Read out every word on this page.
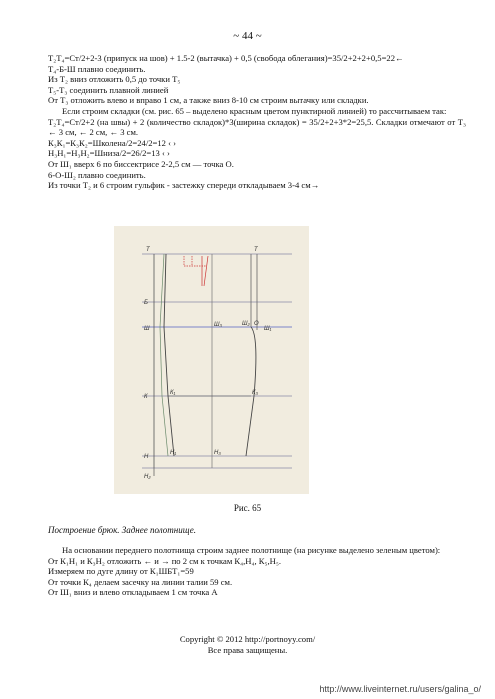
~ 44 ~

Т₂Т₄=Ст/2+2-3 (припуск на шов) + 1.5-2 (вытачка) + 0,5 (свобода облегания)=35/2+2+2+0,5=22←

Т₄-Б-Ш плавно соединить.

Из Т₂ вниз отложить 0,5 до точки Т₅

Т₅-Т₃ соединить плавной линией

От Т₃ отложить влево и вправо 1 см, а также вниз 8-10 см строим вытачку или складки.

Если строим складки (см. рис. 65 – выделено красным цветом пунктирной линией) то рассчитываем так:

Т₂Т₄=Ст/2+2 (на швы) + 2 (количество складок)*3(ширина складок) = 35/2+2+3*2=25,5. Складки отмечают от Т₃ ← 3 см, ← 2 см, ← 3 см.

К₃К₁=К₃К₂=Школена/2=24/2=12 ‹ ›

Н₃Н₁=Н₃Н₂=Шниза/2=26/2=13 ‹ ›

От Ш₁ вверх 6 по биссектрисе 2-2,5 см — точка О.

6-О-Ш₂ плавно соединить.

Из точки Т₂ и 6 строим гульфик - застежку спереди откладываем 3-4 см→

Т	Т
Б
Ш
Ш₃	Ш₂ О
Ш₁
К
К₁	К₃
Н
Н₁	Н₃
Н₂
Рис. 65
Построение брюк. Заднее полотнище.

На основании переднего полотнища строим заднее полотнище (на рисунке выделено зеленым цветом):

От К₁Н₁ и К₃Н₂ отложить ← и → по 2 см к точкам К₄,Н₄, К₅,Н₅.

Измеряем по дуге длину от К₁ШБТ₁=59

От точки К₄ делаем засечку на линии талии 59 см.

От Ш₁ вниз и влево откладываем 1 см точка А

Copyright © 2012 http://portnoyy.com/
Все права защищены.
http://www.liveinternet.ru/users/galina_o/
